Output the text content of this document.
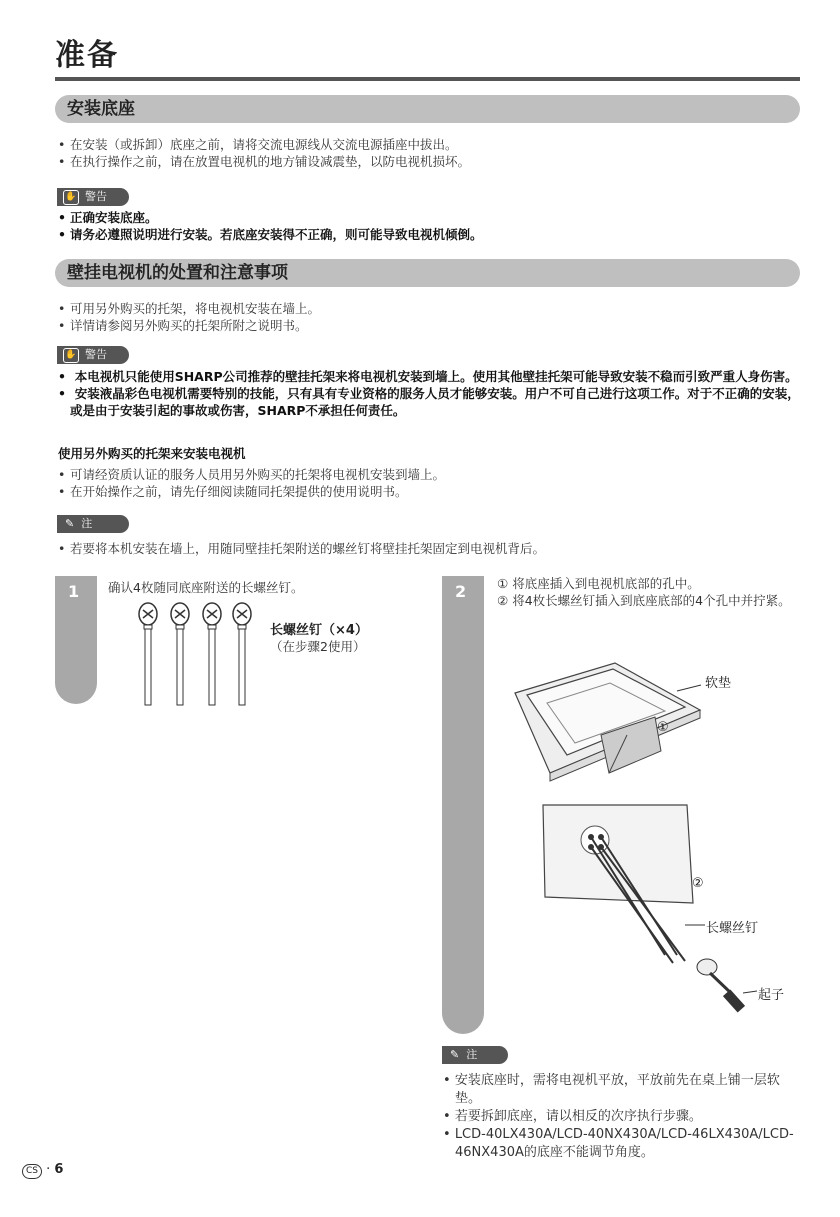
准备
安装底座
• 在安装（或拆卸）底座之前，请将交流电源线从交流电源插座中拔出。
• 在执行操作之前，请在放置电视机的地方铺设减震垫，以防电视机损坏。
✋ 警告
• 正确安装底座。
• 请务必遵照说明进行安装。若底座安装得不正确，则可能导致电视机倾倒。
壁挂电视机的处置和注意事项
• 可用另外购买的托架，将电视机安装在墙上。
• 详情请参阅另外购买的托架所附之说明书。
✋ 警告
•  本电视机只能使用SHARP公司推荐的壁挂托架来将电视机安装到墙上。使用其他壁挂托架可能导致安装不稳而引致严重人身伤害。
•  安装液晶彩色电视机需要特别的技能，只有具有专业资格的服务人员才能够安装。用户不可自己进行这项工作。对于不正确的安装，或是由于安装引起的事故或伤害，SHARP不承担任何责任。
使用另外购买的托架来安装电视机
• 可请经资质认证的服务人员用另外购买的托架将电视机安装到墙上。
• 在开始操作之前，请先仔细阅读随同托架提供的使用说明书。
✎ 注
• 若要将本机安装在墙上，用随同壁挂托架附送的螺丝钉将壁挂托架固定到电视机背后。
1 确认4枚随同底座附送的长螺丝钉。
长螺丝钉（×4）
（在步骤2使用）
2 ① 将底座插入到电视机底部的孔中。
② 将4枚长螺丝钉插入到底座底部的4个孔中并拧紧。
软垫
①
②
长螺丝钉
起子
✎ 注
• 安装底座时，需将电视机平放，平放前先在桌上铺一层软垫。
• 若要拆卸底座，请以相反的次序执行步骤。
• LCD-40LX430A/LCD-40NX430A/LCD-46LX430A/LCD-46NX430A的底座不能调节角度。
CS · 6
